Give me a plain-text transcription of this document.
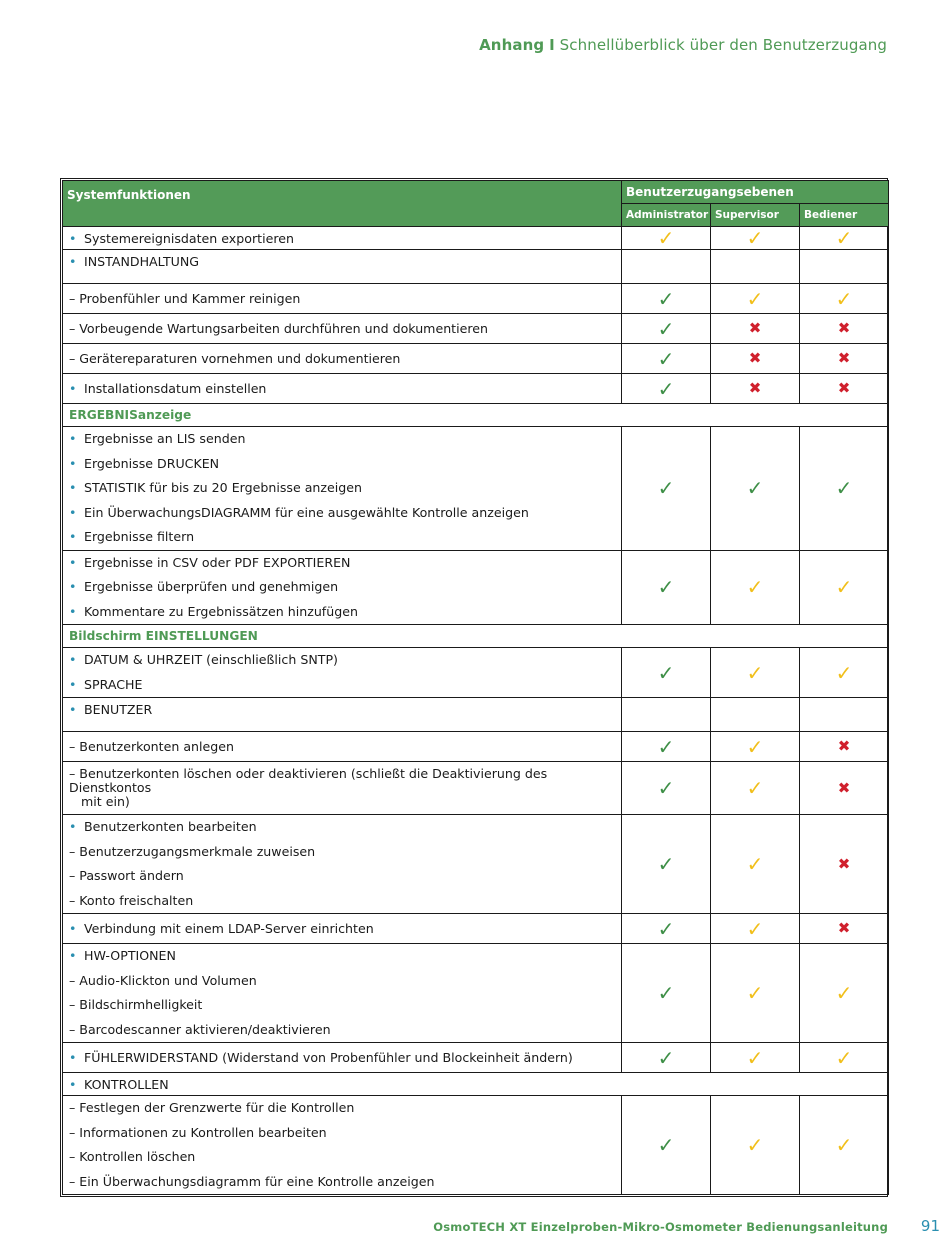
Anhang I Schnellüberblick über den Benutzerzugang
Systemfunktionen	Benutzerzugangsebenen		
	Administrator	Supervisor	Bediener
• Systemereignisdaten exportieren	✓	✓	✓
• INSTANDHALTUNG			
– Probenfühler und Kammer reinigen	✓	✓	✓
– Vorbeugende Wartungsarbeiten durchführen und dokumentieren	✓	✖	✖
– Gerätereparaturen vornehmen und dokumentieren	✓	✖	✖
• Installationsdatum einstellen	✓	✖	✖
ERGEBNISanzeige			

• Ergebnisse an LIS senden
• Ergebnisse DRUCKEN
• STATISTIK für bis zu 20 Ergebnisse anzeigen
• Ein ÜberwachungsDIAGRAMM für eine ausgewählte Kontrolle anzeigen
• Ergebnisse filtern	✓	✓	✓

• Ergebnisse in CSV oder PDF EXPORTIEREN
• Ergebnisse überprüfen und genehmigen
• Kommentare zu Ergebnissätzen hinzufügen	✓	✓	✓
Bildschirm EINSTELLUNGEN			

• DATUM & UHRZEIT (einschließlich SNTP)
• SPRACHE	✓	✓	✓
• BENUTZER			
– Benutzerkonten anlegen	✓	✓	✖

– Benutzerkonten löschen oder deaktivieren (schließt die Deaktivierung des Dienstkontos
mit ein)	✓	✓	✖

• Benutzerkonten bearbeiten
– Benutzerzugangsmerkmale zuweisen
– Passwort ändern
– Konto freischalten	✓	✓	✖
• Verbindung mit einem LDAP-Server einrichten	✓	✓	✖

• HW-OPTIONEN
– Audio-Klickton und Volumen
– Bildschirmhelligkeit
– Barcodescanner aktivieren/deaktivieren	✓	✓	✓
• FÜHLERWIDERSTAND (Widerstand von Probenfühler und Blockeinheit ändern)	✓	✓	✓
• KONTROLLEN			

– Festlegen der Grenzwerte für die Kontrollen
– Informationen zu Kontrollen bearbeiten
– Kontrollen löschen
– Ein Überwachungsdiagramm für eine Kontrolle anzeigen	✓	✓	✓
OsmoTECH XT Einzelproben-Mikro-Osmometer Bedienungsanleitung 91
